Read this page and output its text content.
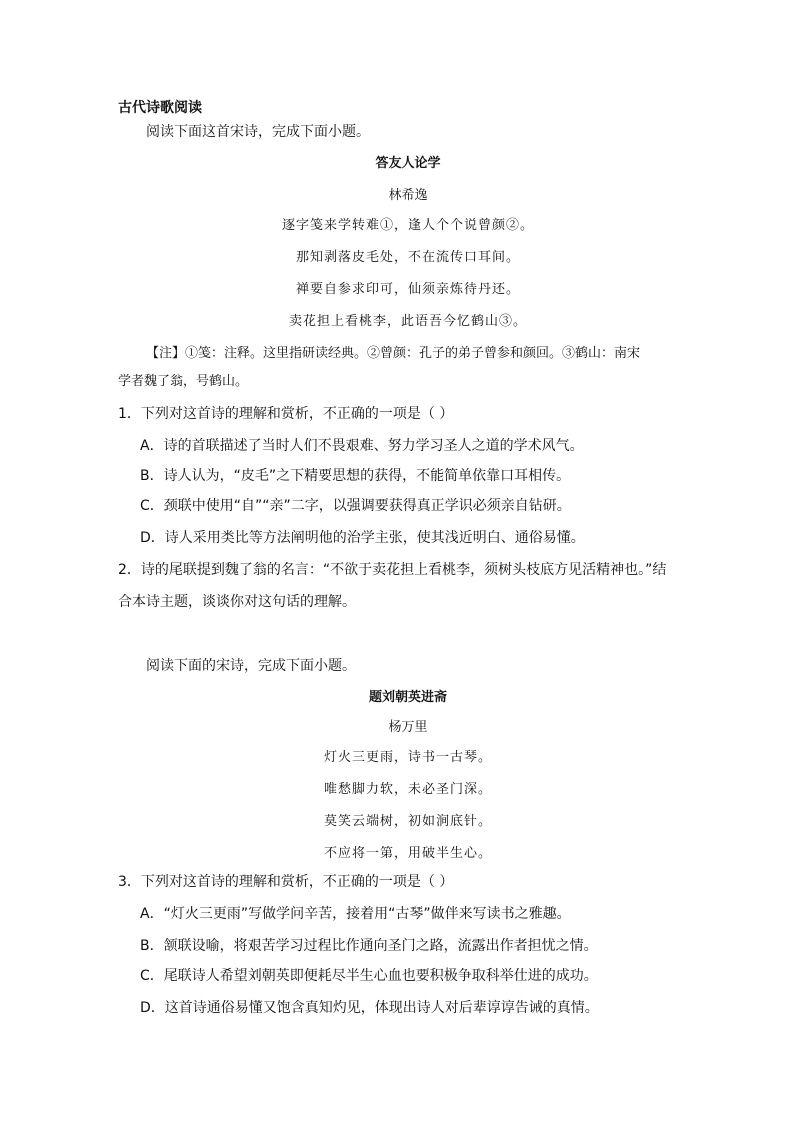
古代诗歌阅读
阅读下面这首宋诗，完成下面小题。
答友人论学
林希逸
逐字笺来学转难①，逢人个个说曾颜②。
那知剥落皮毛处，不在流传口耳间。
禅要自参求印可，仙须亲炼待丹还。
卖花担上看桃李，此语吾今忆鹤山③。
【注】①笺：注释。这里指研读经典。②曾颜：孔子的弟子曾参和颜回。③鹤山：南宋
学者魏了翁，号鹤山。
1．下列对这首诗的理解和赏析，不正确的一项是（ ）
A．诗的首联描述了当时人们不畏艰难、努力学习圣人之道的学术风气。
B．诗人认为，“皮毛”之下精要思想的获得，不能简单依靠口耳相传。
C．颈联中使用“自”“亲”二字，以强调要获得真正学识必须亲自钻研。
D．诗人采用类比等方法阐明他的治学主张，使其浅近明白、通俗易懂。
2．诗的尾联提到魏了翁的名言：“不欲于卖花担上看桃李，须树头枝底方见活精神也。”结
合本诗主题，谈谈你对这句话的理解。
阅读下面的宋诗，完成下面小题。
题刘朝英进斋
杨万里
灯火三更雨，诗书一古琴。
唯愁脚力软，未必圣门深。
莫笑云端树，初如涧底针。
不应将一第，用破半生心。
3．下列对这首诗的理解和赏析，不正确的一项是（ ）
A．“灯火三更雨”写做学问辛苦，接着用“古琴”做伴来写读书之雅趣。
B．颔联设喻，将艰苦学习过程比作通向圣门之路，流露出作者担忧之情。
C．尾联诗人希望刘朝英即便耗尽半生心血也要积极争取科举仕进的成功。
D．这首诗通俗易懂又饱含真知灼见，体现出诗人对后辈谆谆告诫的真情。
